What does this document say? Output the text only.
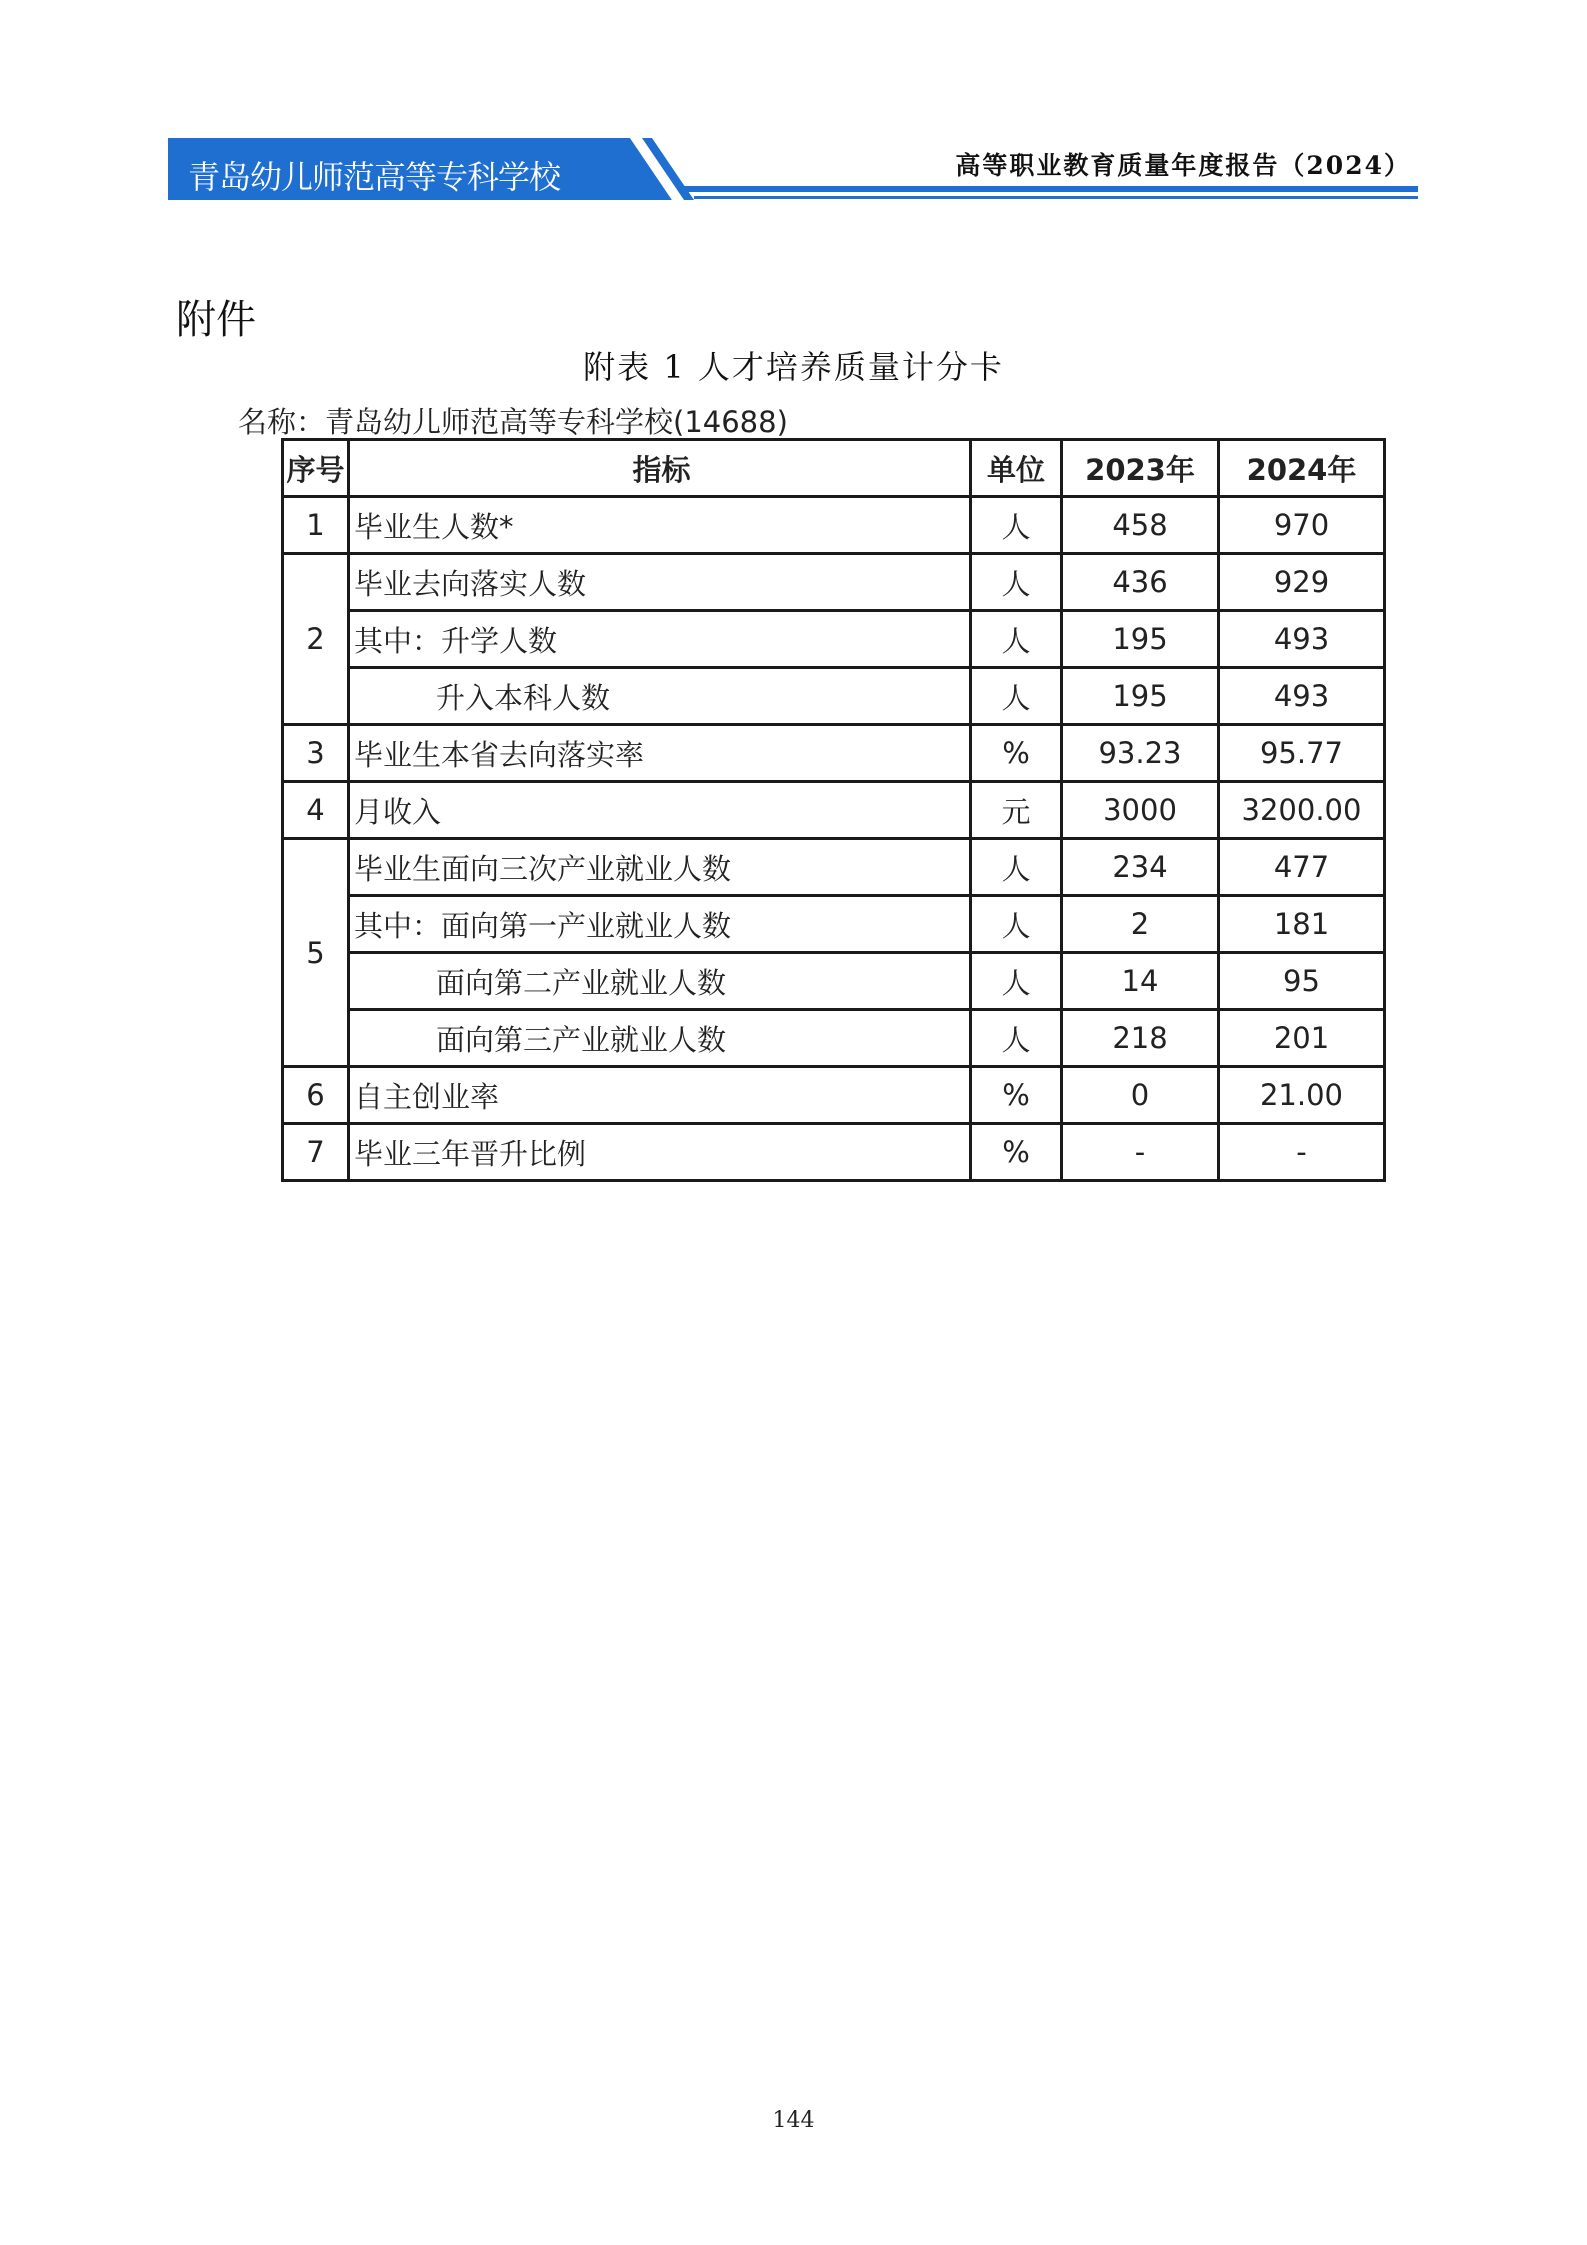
青岛幼儿师范高等专科学校	高等职业教育质量年度报告（2024）
附件
附表 1 人才培养质量计分卡
名称：青岛幼儿师范高等专科学校(14688)
序号	指标	单位	2023年	2024年
1	毕业生人数*	人	458	970
2	毕业去向落实人数	人	436	929
	其中：升学人数	人	195	493
	升入本科人数	人	195	493
3	毕业生本省去向落实率	%	93.23	95.77
4	月收入	元	3000	3200.00
5	毕业生面向三次产业就业人数	人	234	477
	其中：面向第一产业就业人数	人	2	181
	面向第二产业就业人数	人	14	95
	面向第三产业就业人数	人	218	201
6	自主创业率	%	0	21.00
7	毕业三年晋升比例	%	-	-
144
